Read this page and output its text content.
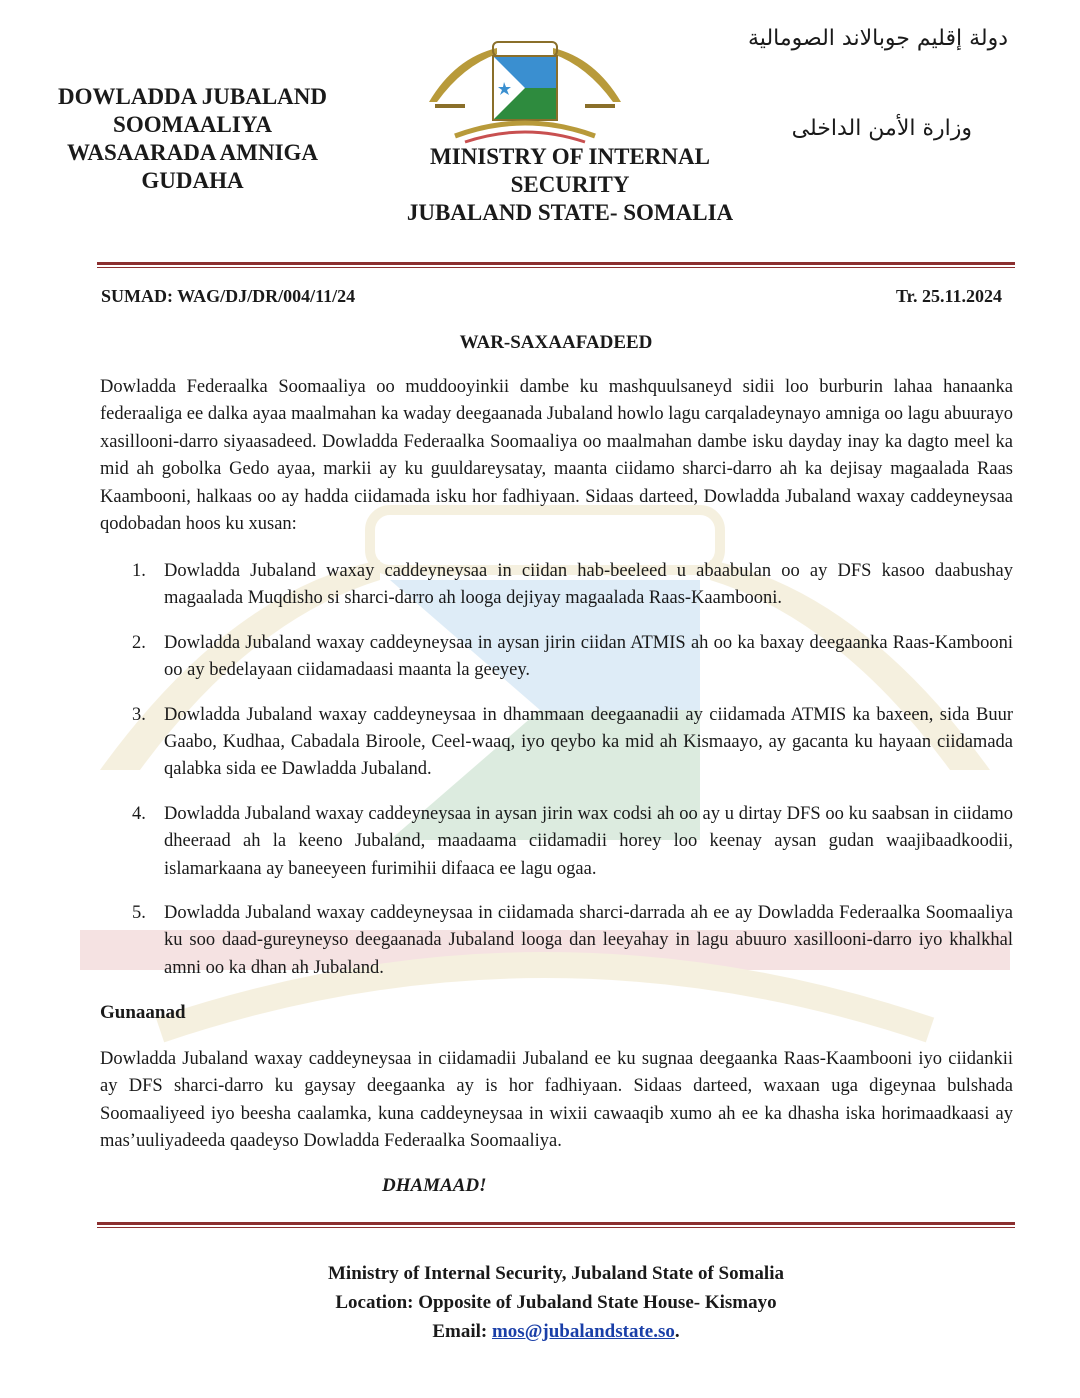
DOWLADDA JUBALAND
SOOMAALIYA
WASAARADA AMNIGA
GUDAHA
MINISTRY OF INTERNAL
SECURITY
JUBALAND STATE- SOMALIA
دولة إقليم جوبالاند الصومالية
وزارة الأمن الداخلى
SUMAD: WAG/DJ/DR/004/11/24	Tr. 25.11.2024
WAR-SAXAAFADEED
Dowladda Federaalka Soomaaliya oo muddooyinkii dambe ku mashquulsaneyd sidii loo burburin lahaa hanaanka federaaliga ee dalka ayaa maalmahan ka waday deegaanada Jubaland howlo lagu carqaladeynayo amniga oo lagu abuurayo xasillooni-darro siyaasadeed. Dowladda Federaalka Soomaaliya oo maalmahan dambe isku dayday inay ka dagto meel ka mid ah gobolka Gedo ayaa, markii ay ku guuldareysatay, maanta ciidamo sharci-darro ah ka dejisay magaalada Raas Kaambooni, halkaas oo ay hadda ciidamada isku hor fadhiyaan. Sidaas darteed, Dowladda Jubaland waxay caddeyneysaa qodobadan hoos ku xusan:
1. Dowladda Jubaland waxay caddeyneysaa in ciidan hab-beeleed u abaabulan oo ay DFS kasoo daabushay magaalada Muqdisho si sharci-darro ah looga dejiyay magaalada Raas-Kaambooni.
2. Dowladda Jubaland waxay caddeyneysaa in aysan jirin ciidan ATMIS ah oo ka baxay deegaanka Raas-Kambooni oo ay bedelayaan ciidamadaasi maanta la geeyey.
3. Dowladda Jubaland waxay caddeyneysaa in dhammaan deegaanadii ay ciidamada ATMIS ka baxeen, sida Buur Gaabo, Kudhaa, Cabadala Biroole, Ceel-waaq, iyo qeybo ka mid ah Kismaayo, ay gacanta ku hayaan ciidamada qalabka sida ee Dawladda Jubaland.
4. Dowladda Jubaland waxay caddeyneysaa in aysan jirin wax codsi ah oo ay u dirtay DFS oo ku saabsan in ciidamo dheeraad ah la keeno Jubaland, maadaama ciidamadii horey loo keenay aysan gudan waajibaadkoodii, islamarkaana ay baneeyeen furimihii difaaca ee lagu ogaa.
5. Dowladda Jubaland waxay caddeyneysaa in ciidamada sharci-darrada ah ee ay Dowladda Federaalka Soomaaliya ku soo daad-gureyneyso deegaanada Jubaland looga dan leeyahay in lagu abuuro xasillooni-darro iyo khalkhal amni oo ka dhan ah Jubaland.
Gunaanad
Dowladda Jubaland waxay caddeyneysaa in ciidamadii Jubaland ee ku sugnaa deegaanka Raas-Kaambooni iyo ciidankii ay DFS sharci-darro ku gaysay deegaanka ay is hor fadhiyaan. Sidaas darteed, waxaan uga digeynaa bulshada Soomaaliyeed iyo beesha caalamka, kuna caddeyneysaa in wixii cawaaqib xumo ah ee ka dhasha iska horimaadkaasi ay mas’uuliyadeeda qaadeyso Dowladda Federaalka Soomaaliya.
DHAMAAD!
Ministry of Internal Security, Jubaland State of Somalia
Location: Opposite of Jubaland State House- Kismayo
Email: mos@jubalandstate.so.
